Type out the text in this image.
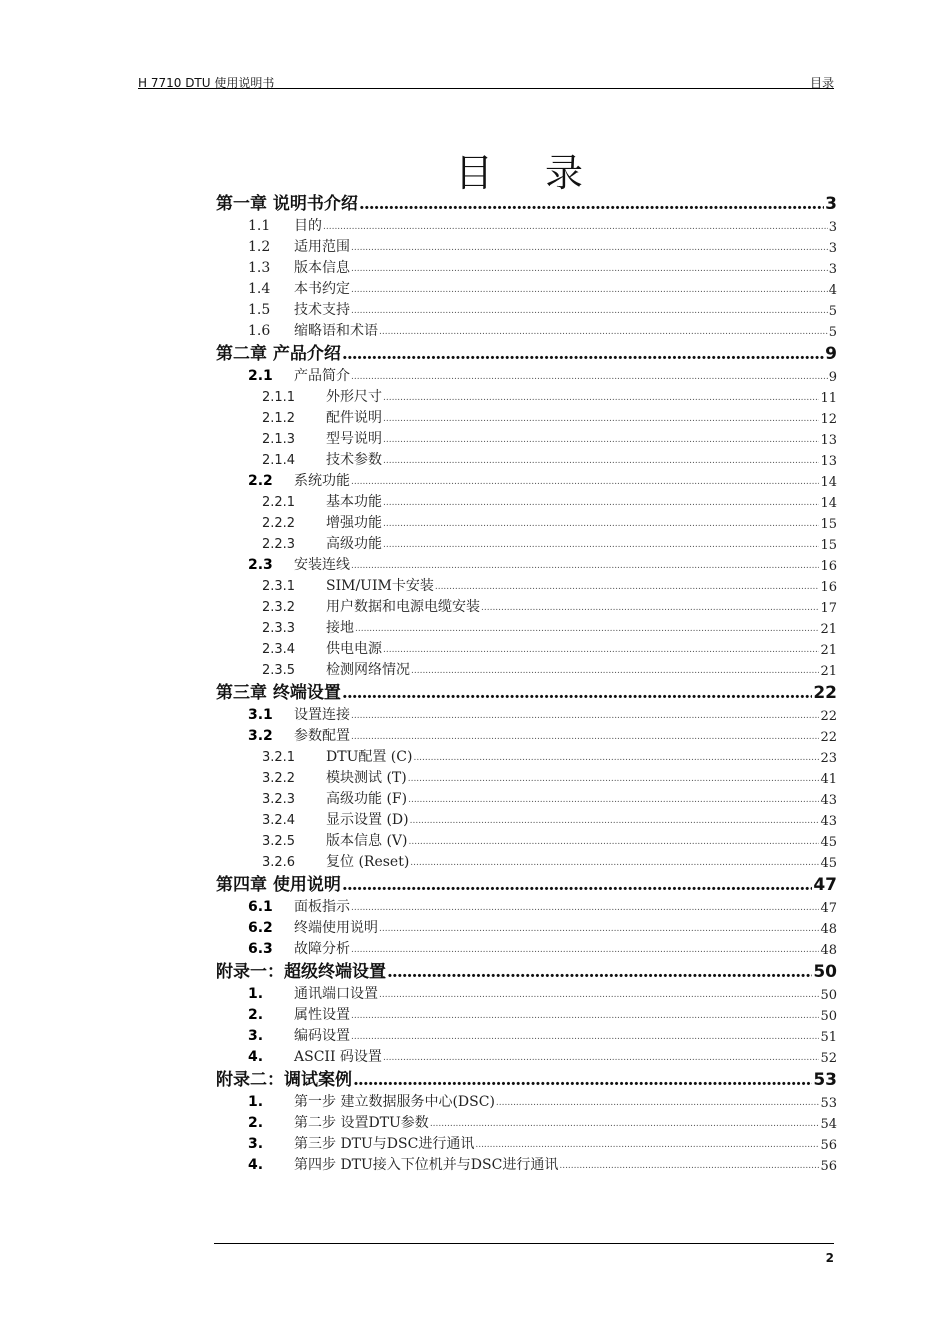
H 7710 DTU 使用说明书	目录
目 录
第一章 说明书介绍 .....	3
1.1 目的 .....	3
1.2 适用范围 .....	3
1.3 版本信息 .....	3
1.4 本书约定 .....	4
1.5 技术支持 .....	5
1.6 缩略语和术语 .....	5
第二章 产品介绍 .....	9
2.1 产品简介 .....	9
2.1.1 外形尺寸 .....	11
2.1.2 配件说明 .....	12
2.1.3 型号说明 .....	13
2.1.4 技术参数 .....	13
2.2 系统功能 .....	14
2.2.1 基本功能 .....	14
2.2.2 增强功能 .....	15
2.2.3 高级功能 .....	15
2.3 安装连线 .....	16
2.3.1 SIM/UIM卡安装 .....	16
2.3.2 用户数据和电源电缆安装 .....	17
2.3.3 接地 .....	21
2.3.4 供电电源 .....	21
2.3.5 检测网络情况 .....	21
第三章 终端设置 .....	22
3.1 设置连接 .....	22
3.2 参数配置 .....	22
3.2.1 DTU配置 (C) .....	23
3.2.2 模块测试 (T) .....	41
3.2.3 高级功能 (F) .....	43
3.2.4 显示设置 (D) .....	43
3.2.5 版本信息 (V) .....	45
3.2.6 复位 (Reset) .....	45
第四章 使用说明 .....	47
6.1 面板指示 .....	47
6.2 终端使用说明 .....	48
6.3 故障分析 .....	48
附录一：超级终端设置 .....	50
1. 通讯端口设置 .....	50
2. 属性设置 .....	50
3. 编码设置 .....	51
4. ASCII 码设置 .....	52
附录二：调试案例 .....	53
1. 第一步 建立数据服务中心(DSC) .....	53
2. 第二步 设置DTU参数 .....	54
3. 第三步 DTU与DSC进行通讯 .....	56
4. 第四步 DTU接入下位机并与DSC进行通讯 .....	56
2
